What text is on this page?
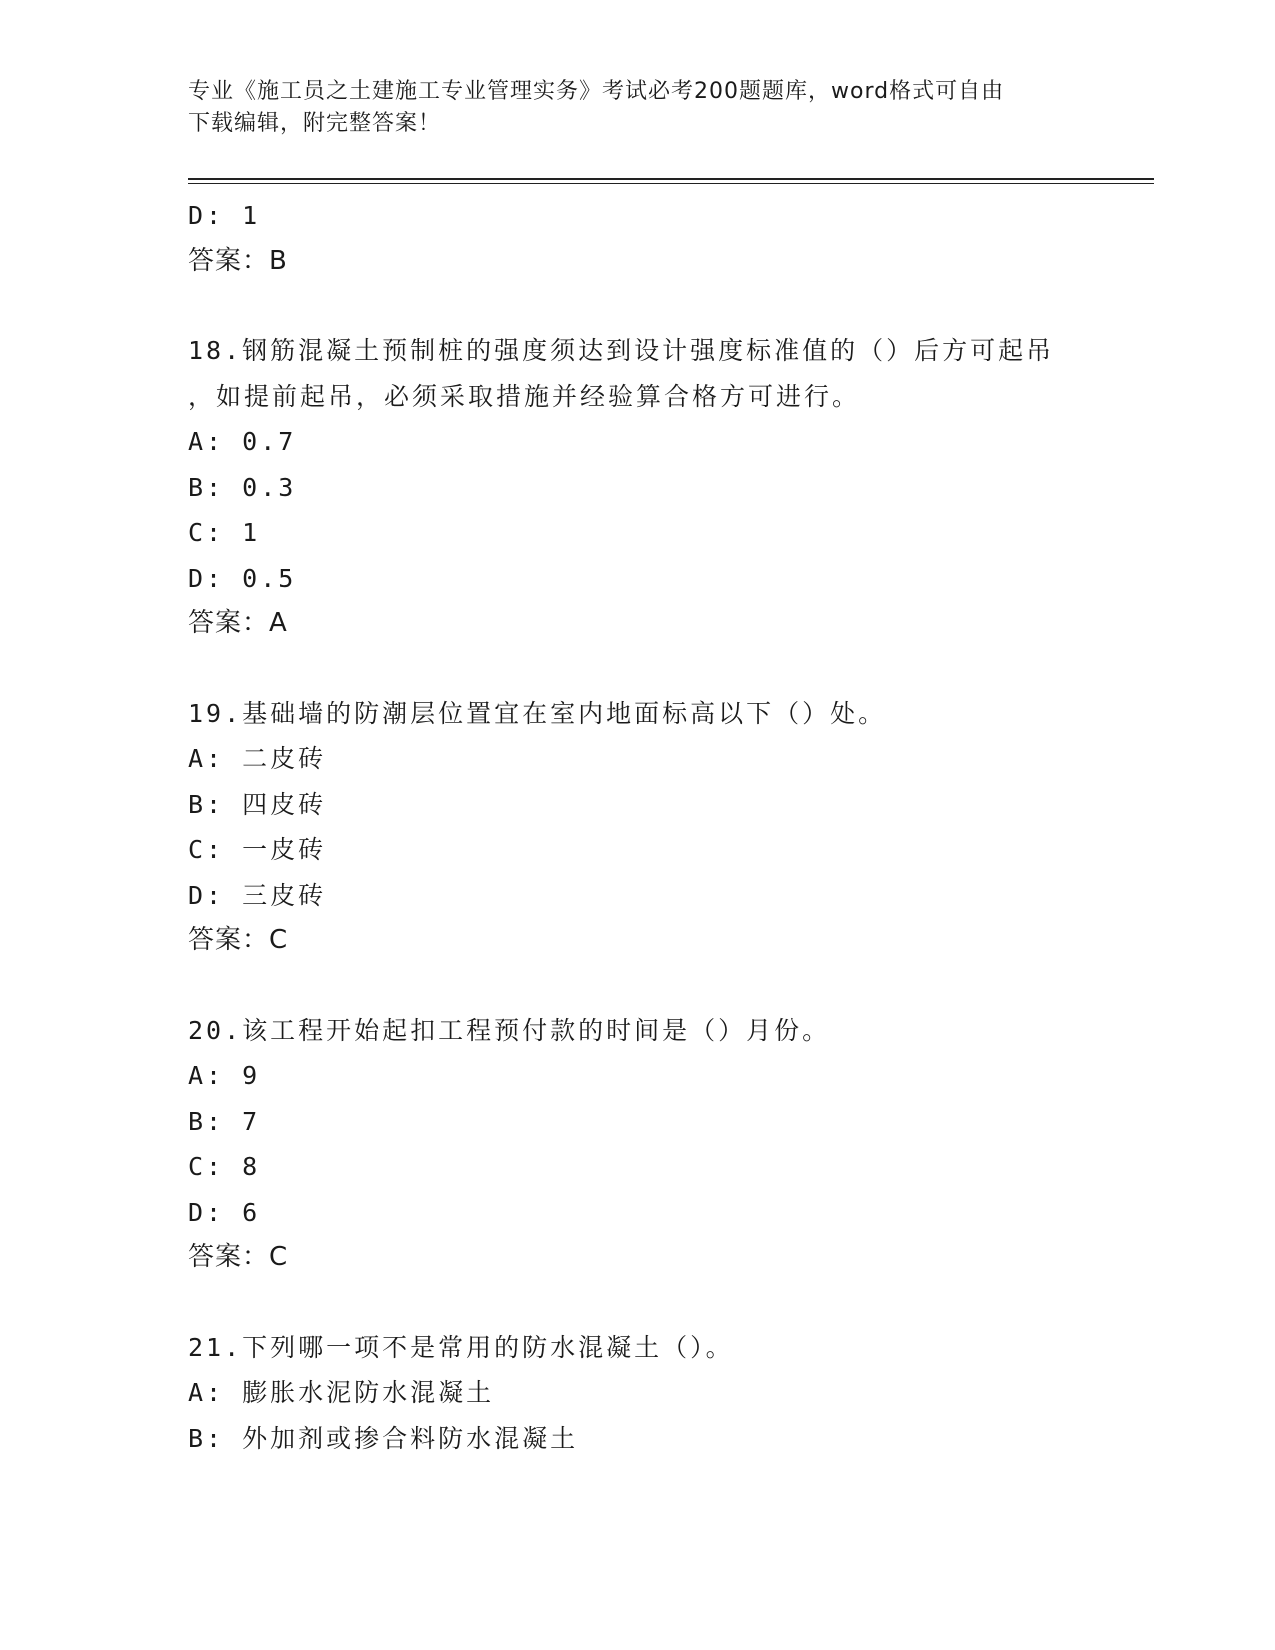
专业《施工员之土建施工专业管理实务》考试必考200题题库，word格式可自由
下载编辑，附完整答案！
D: 1
答案：B
18.钢筋混凝土预制桩的强度须达到设计强度标准值的（）后方可起吊
，如提前起吊，必须采取措施并经验算合格方可进行。
A: 0.7
B: 0.3
C: 1
D: 0.5
答案：A
19.基础墙的防潮层位置宜在室内地面标高以下（）处。
A: 二皮砖
B: 四皮砖
C: 一皮砖
D: 三皮砖
答案：C
20.该工程开始起扣工程预付款的时间是（）月份。
A: 9
B: 7
C: 8
D: 6
答案：C
21.下列哪一项不是常用的防水混凝土（）。
A: 膨胀水泥防水混凝土
B: 外加剂或掺合料防水混凝土
